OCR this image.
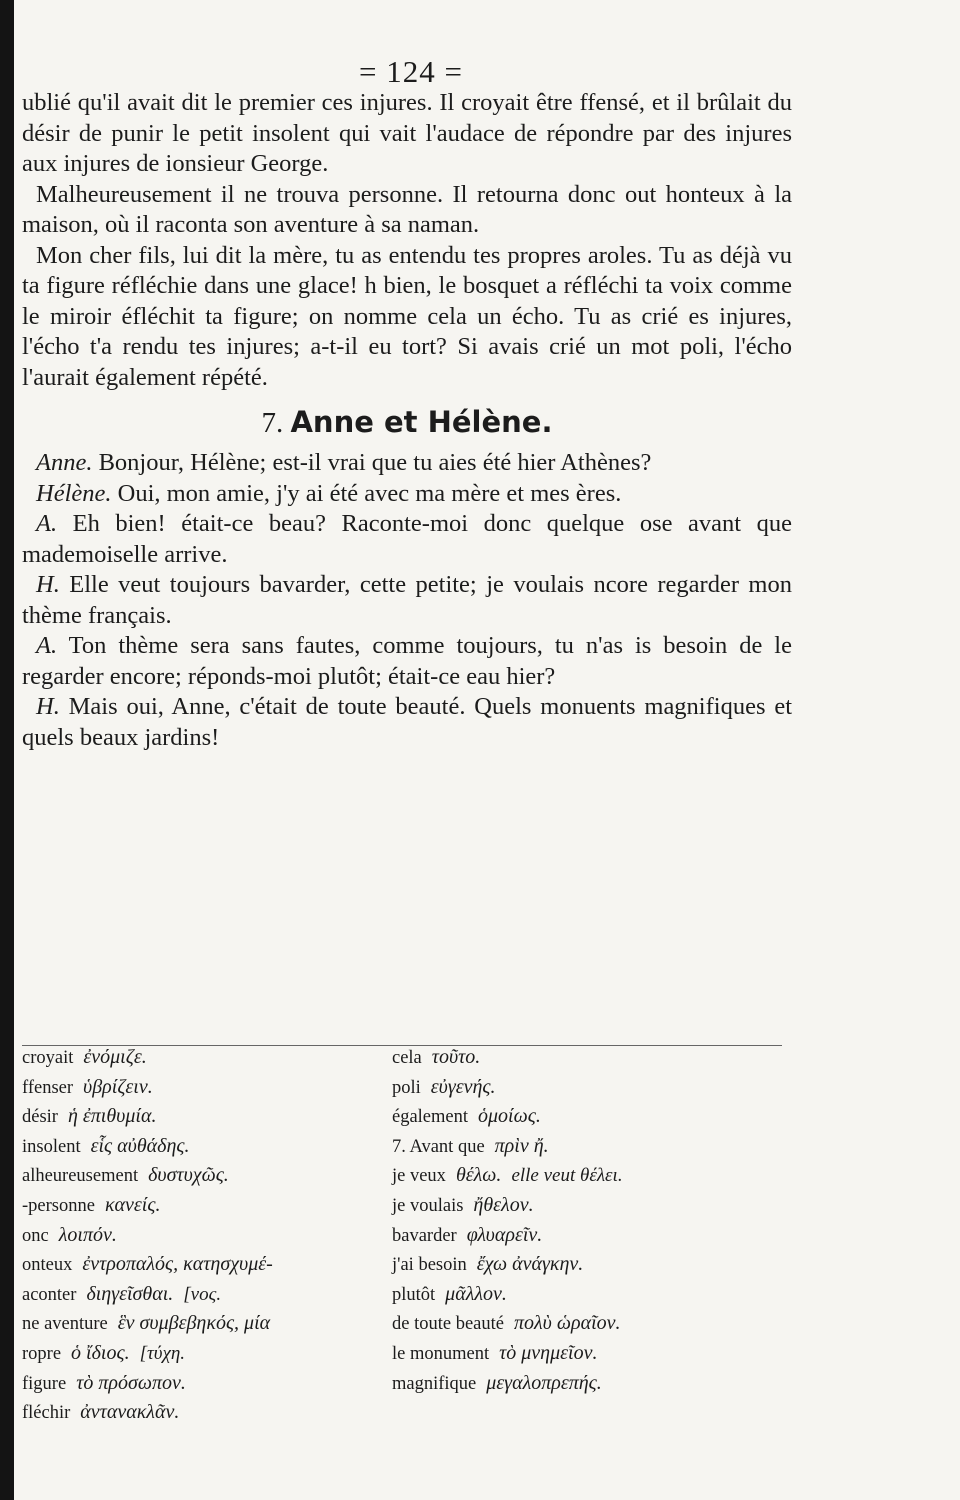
= 124 =

ublié qu'il avait dit le premier ces injures. Il croyait être ffensé, et il brûlait du désir de punir le petit insolent qui vait l'audace de répondre par des injures aux injures de ionsieur George.

Malheureusement il ne trouva personne. Il retourna donc out honteux à la maison, où il raconta son aventure à sa naman.

Mon cher fils, lui dit la mère, tu as entendu tes propres aroles. Tu as déjà vu ta figure réfléchie dans une glace! h bien, le bosquet a réfléchi ta voix comme le miroir éfléchit ta figure; on nomme cela un écho. Tu as crié es injures, l'écho t'a rendu tes injures; a-t-il eu tort? Si avais crié un mot poli, l'écho l'aurait également répété.

7. Anne et Hélène.

Anne. Bonjour, Hélène; est-il vrai que tu aies été hier Athènes?

Hélène. Oui, mon amie, j'y ai été avec ma mère et mes ères.

A. Eh bien! était-ce beau? Raconte-moi donc quelque ose avant que mademoiselle arrive.

H. Elle veut toujours bavarder, cette petite; je voulais ncore regarder mon thème français.

A. Ton thème sera sans fautes, comme toujours, tu n'as is besoin de le regarder encore; réponds-moi plutôt; était-ce eau hier?

H. Mais oui, Anne, c'était de toute beauté. Quels monuents magnifiques et quels beaux jardins!

croyait ἐνόμιζε.
ffenser ὑβρίζειν.
désir ἡ ἐπιθυμία.
insolent εἷς αὐθάδης.
alheureusement δυστυχῶς.
-personne κανείς.
onc λοιπόν.
onteux ἐντροπαλός, κατησχυμέ-
aconter διηγεῖσθαι. [νος.
ne aventure ἓν συμβεβηκός, μία
ropre ὁ ἴδιος. [τύχη.
figure τὸ πρόσωπον.
fléchir ἀντανακλᾶν.
cela τοῦτο.
poli εὐγενής.
également ὁμοίως.
7. Avant que πρὶν ἤ.
je veux θέλω. elle veut θέλει.
je voulais ἤθελον.
bavarder φλυαρεῖν.
j'ai besoin ἔχω ἀνάγκην.
plutôt μᾶλλον.
de toute beauté πολὺ ὡραῖον.
le monument τὸ μνημεῖον.
magnifique μεγαλοπρεπής.
